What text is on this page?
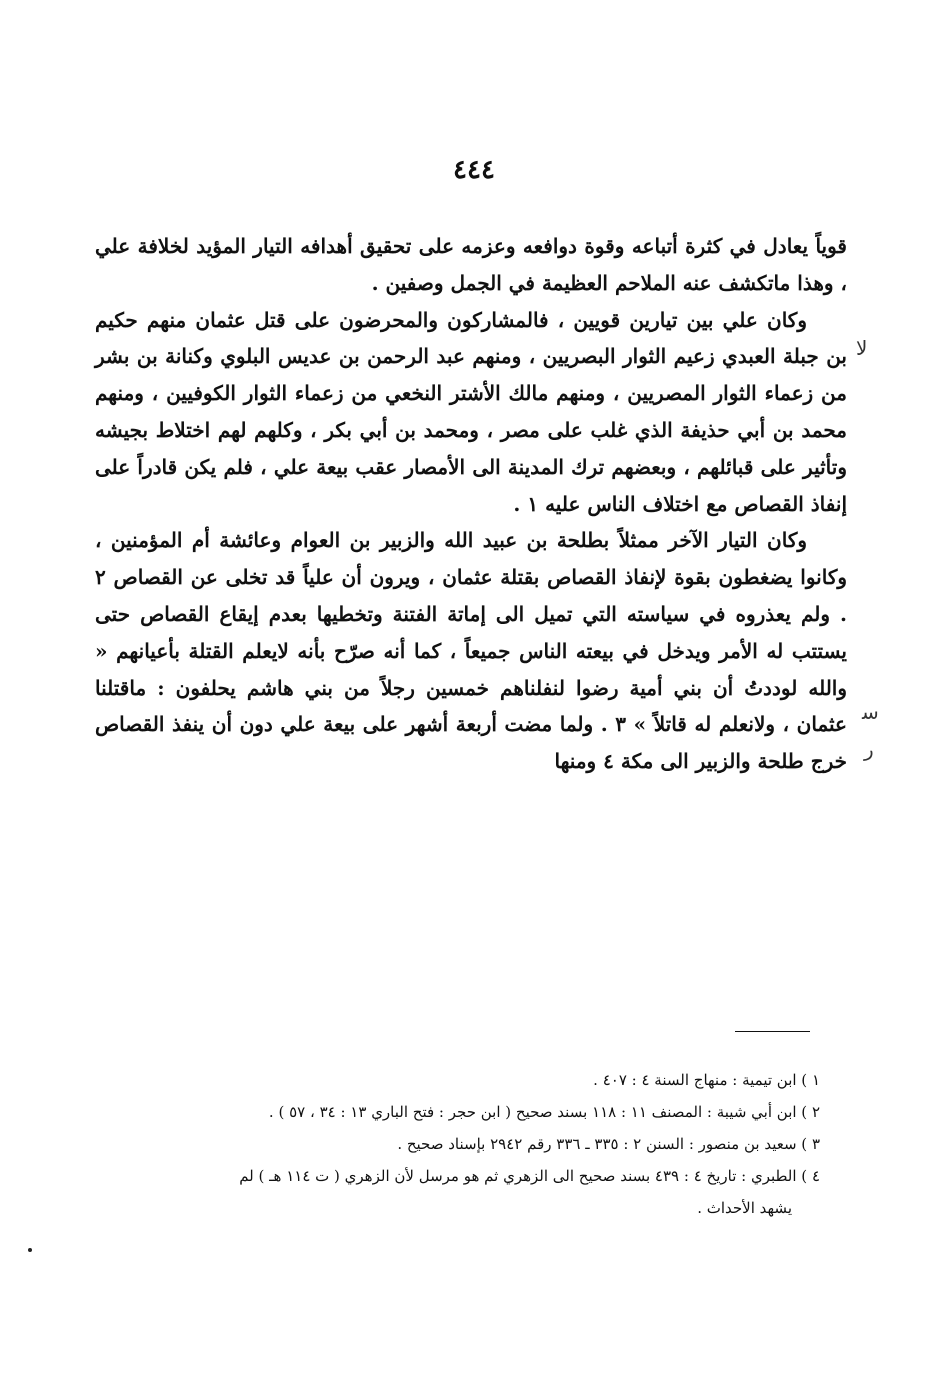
٤٤٤

قوياً يعادل في كثرة أتباعه وقوة دوافعه وعزمه على تحقيق أهدافه التيار المؤيد لخلافة علي ، وهذا ماتكشف عنه الملاحم العظيمة في الجمل وصفين .

وكان علي بين تيارين قويين ، فالمشاركون والمحرضون على قتل عثمان منهم حكيم بن جبلة العبدي زعيم الثوار البصريين ، ومنهم عبد الرحمن بن عديس البلوي وكنانة بن بشر من زعماء الثوار المصريين ، ومنهم مالك الأشتر النخعي من زعماء الثوار الكوفيين ، ومنهم محمد بن أبي حذيفة الذي غلب على مصر ، ومحمد بن أبي بكر ، وكلهم لهم اختلاط بجيشه وتأثير على قبائلهم ، وبعضهم ترك المدينة الى الأمصار عقب بيعة علي ، فلم يكن قادراً على إنفاذ القصاص مع اختلاف الناس عليه ١ .

وكان التيار الآخر ممثلاً بطلحة بن عبيد الله والزبير بن العوام وعائشة أم المؤمنين ، وكانوا يضغطون بقوة لإنفاذ القصاص بقتلة عثمان ، ويرون أن علياً قد تخلى عن القصاص ٢ . ولم يعذروه في سياسته التي تميل الى إماتة الفتنة وتخطيها بعدم إيقاع القصاص حتى يستتب له الأمر ويدخل في بيعته الناس جميعاً ، كما أنه صرّح بأنه لايعلم القتلة بأعيانهم « والله لوددتُ أن بني أمية رضوا لنفلناهم خمسين رجلاً من بني هاشم يحلفون : ماقتلنا عثمان ، ولانعلم له قاتلاً » ٣ . ولما مضت أربعة أشهر على بيعة علي دون أن ينفذ القصاص خرج طلحة والزبير الى مكة ٤ ومنها

ﻻ
ﺳ
ﺭ

١ ) ابن تيمية : منهاج السنة ٤ : ٤٠٧ .

٢ ) ابن أبي شيبة : المصنف ١١ : ١١٨ بسند صحيح ( ابن حجر : فتح الباري ١٣ : ٣٤ ، ٥٧ ) .

٣ ) سعيد بن منصور : السنن ٢ : ٣٣٥ ـ ٣٣٦ رقم ٢٩٤٢ بإسناد صحيح .

٤ ) الطبري : تاريخ ٤ : ٤٣٩ بسند صحيح الى الزهري ثم هو مرسل لأن الزهري ( ت ١١٤ هـ ) لم

يشهد الأحداث .
